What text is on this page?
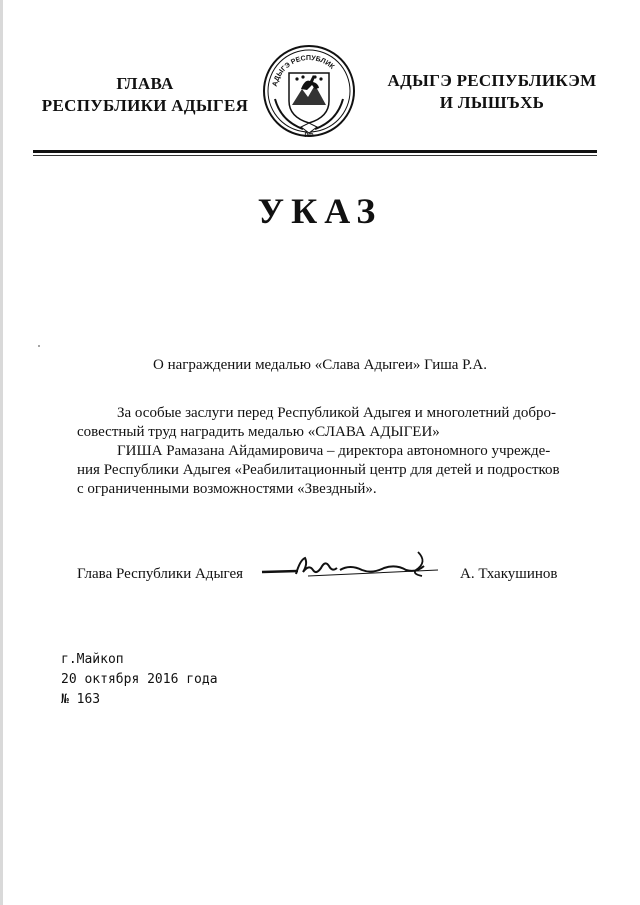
ГЛАВА
РЕСПУБЛИКИ АДЫГЕЯ
АДЫГЭ РЕСПУБЛИК
РФ
АДЫГЭ РЕСПУБЛИКЭМ
И ЛЫШЪХЬ
УКАЗ
О награждении медалью «Слава Адыгеи» Гиша Р.А.
За особые заслуги перед Республикой Адыгея и многолетний добро-
совестный труд наградить медалью «СЛАВА АДЫГЕИ»
ГИША Рамазана Айдамировича – директора автономного учрежде-
ния Республики Адыгея «Реабилитационный центр для детей и подростков
с ограниченными возможностями «Звездный».
Глава Республики Адыгея	А. Тхакушинов
г.Майкоп
20 октября 2016 года
№ 163
